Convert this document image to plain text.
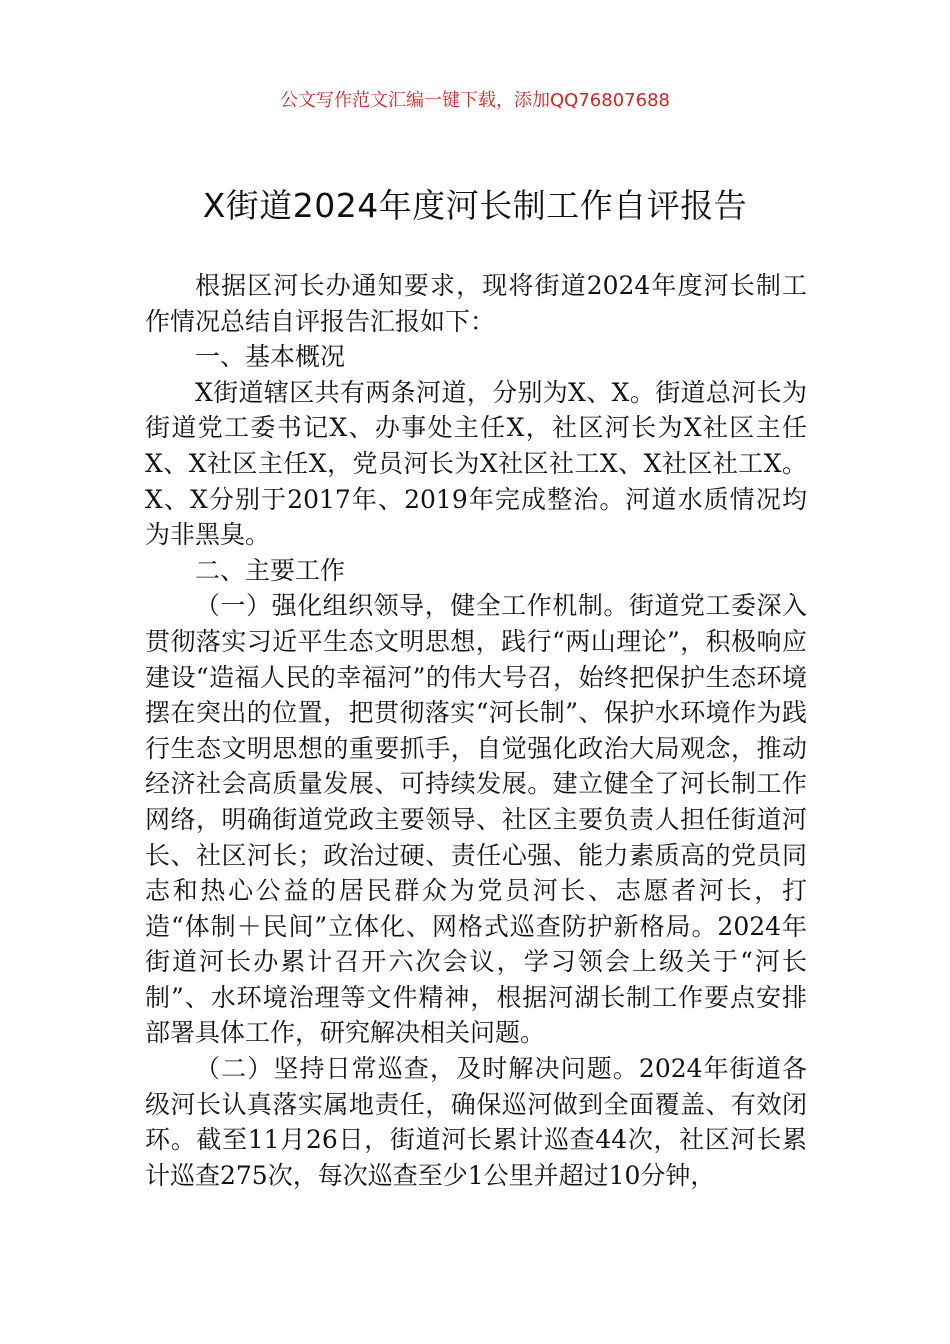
公文写作范文汇编一键下载，添加QQ76807688
X街道2024年度河长制工作自评报告

根据区河长办通知要求，现将街道2024年度河长制工作情况总结自评报告汇报如下：

一、基本概况

X街道辖区共有两条河道，分别为X、X。街道总河长为街道党工委书记X、办事处主任X，社区河长为X社区主任X、X社区主任X，党员河长为X社区社工X、X社区社工X。X、X分别于2017年、2019年完成整治。河道水质情况均为非黑臭。

二、主要工作

（一）强化组织领导，健全工作机制。街道党工委深入贯彻落实习近平生态文明思想，践行“两山理论”，积极响应建设“造福人民的幸福河”的伟大号召，始终把保护生态环境摆在突出的位置，把贯彻落实“河长制”、保护水环境作为践行生态文明思想的重要抓手，自觉强化政治大局观念，推动经济社会高质量发展、可持续发展。建立健全了河长制工作网络，明确街道党政主要领导、社区主要负责人担任街道河长、社区河长；政治过硬、责任心强、能力素质高的党员同志和热心公益的居民群众为党员河长、志愿者河长，打造“体制＋民间”立体化、网格式巡查防护新格局。2024年街道河长办累计召开六次会议，学习领会上级关于“河长制”、水环境治理等文件精神，根据河湖长制工作要点安排部署具体工作，研究解决相关问题。

（二）坚持日常巡查，及时解决问题。2024年街道各级河长认真落实属地责任，确保巡河做到全面覆盖、有效闭环。截至11月26日，街道河长累计巡查44次，社区河长累计巡查275次，每次巡查至少1公里并超过10分钟，
